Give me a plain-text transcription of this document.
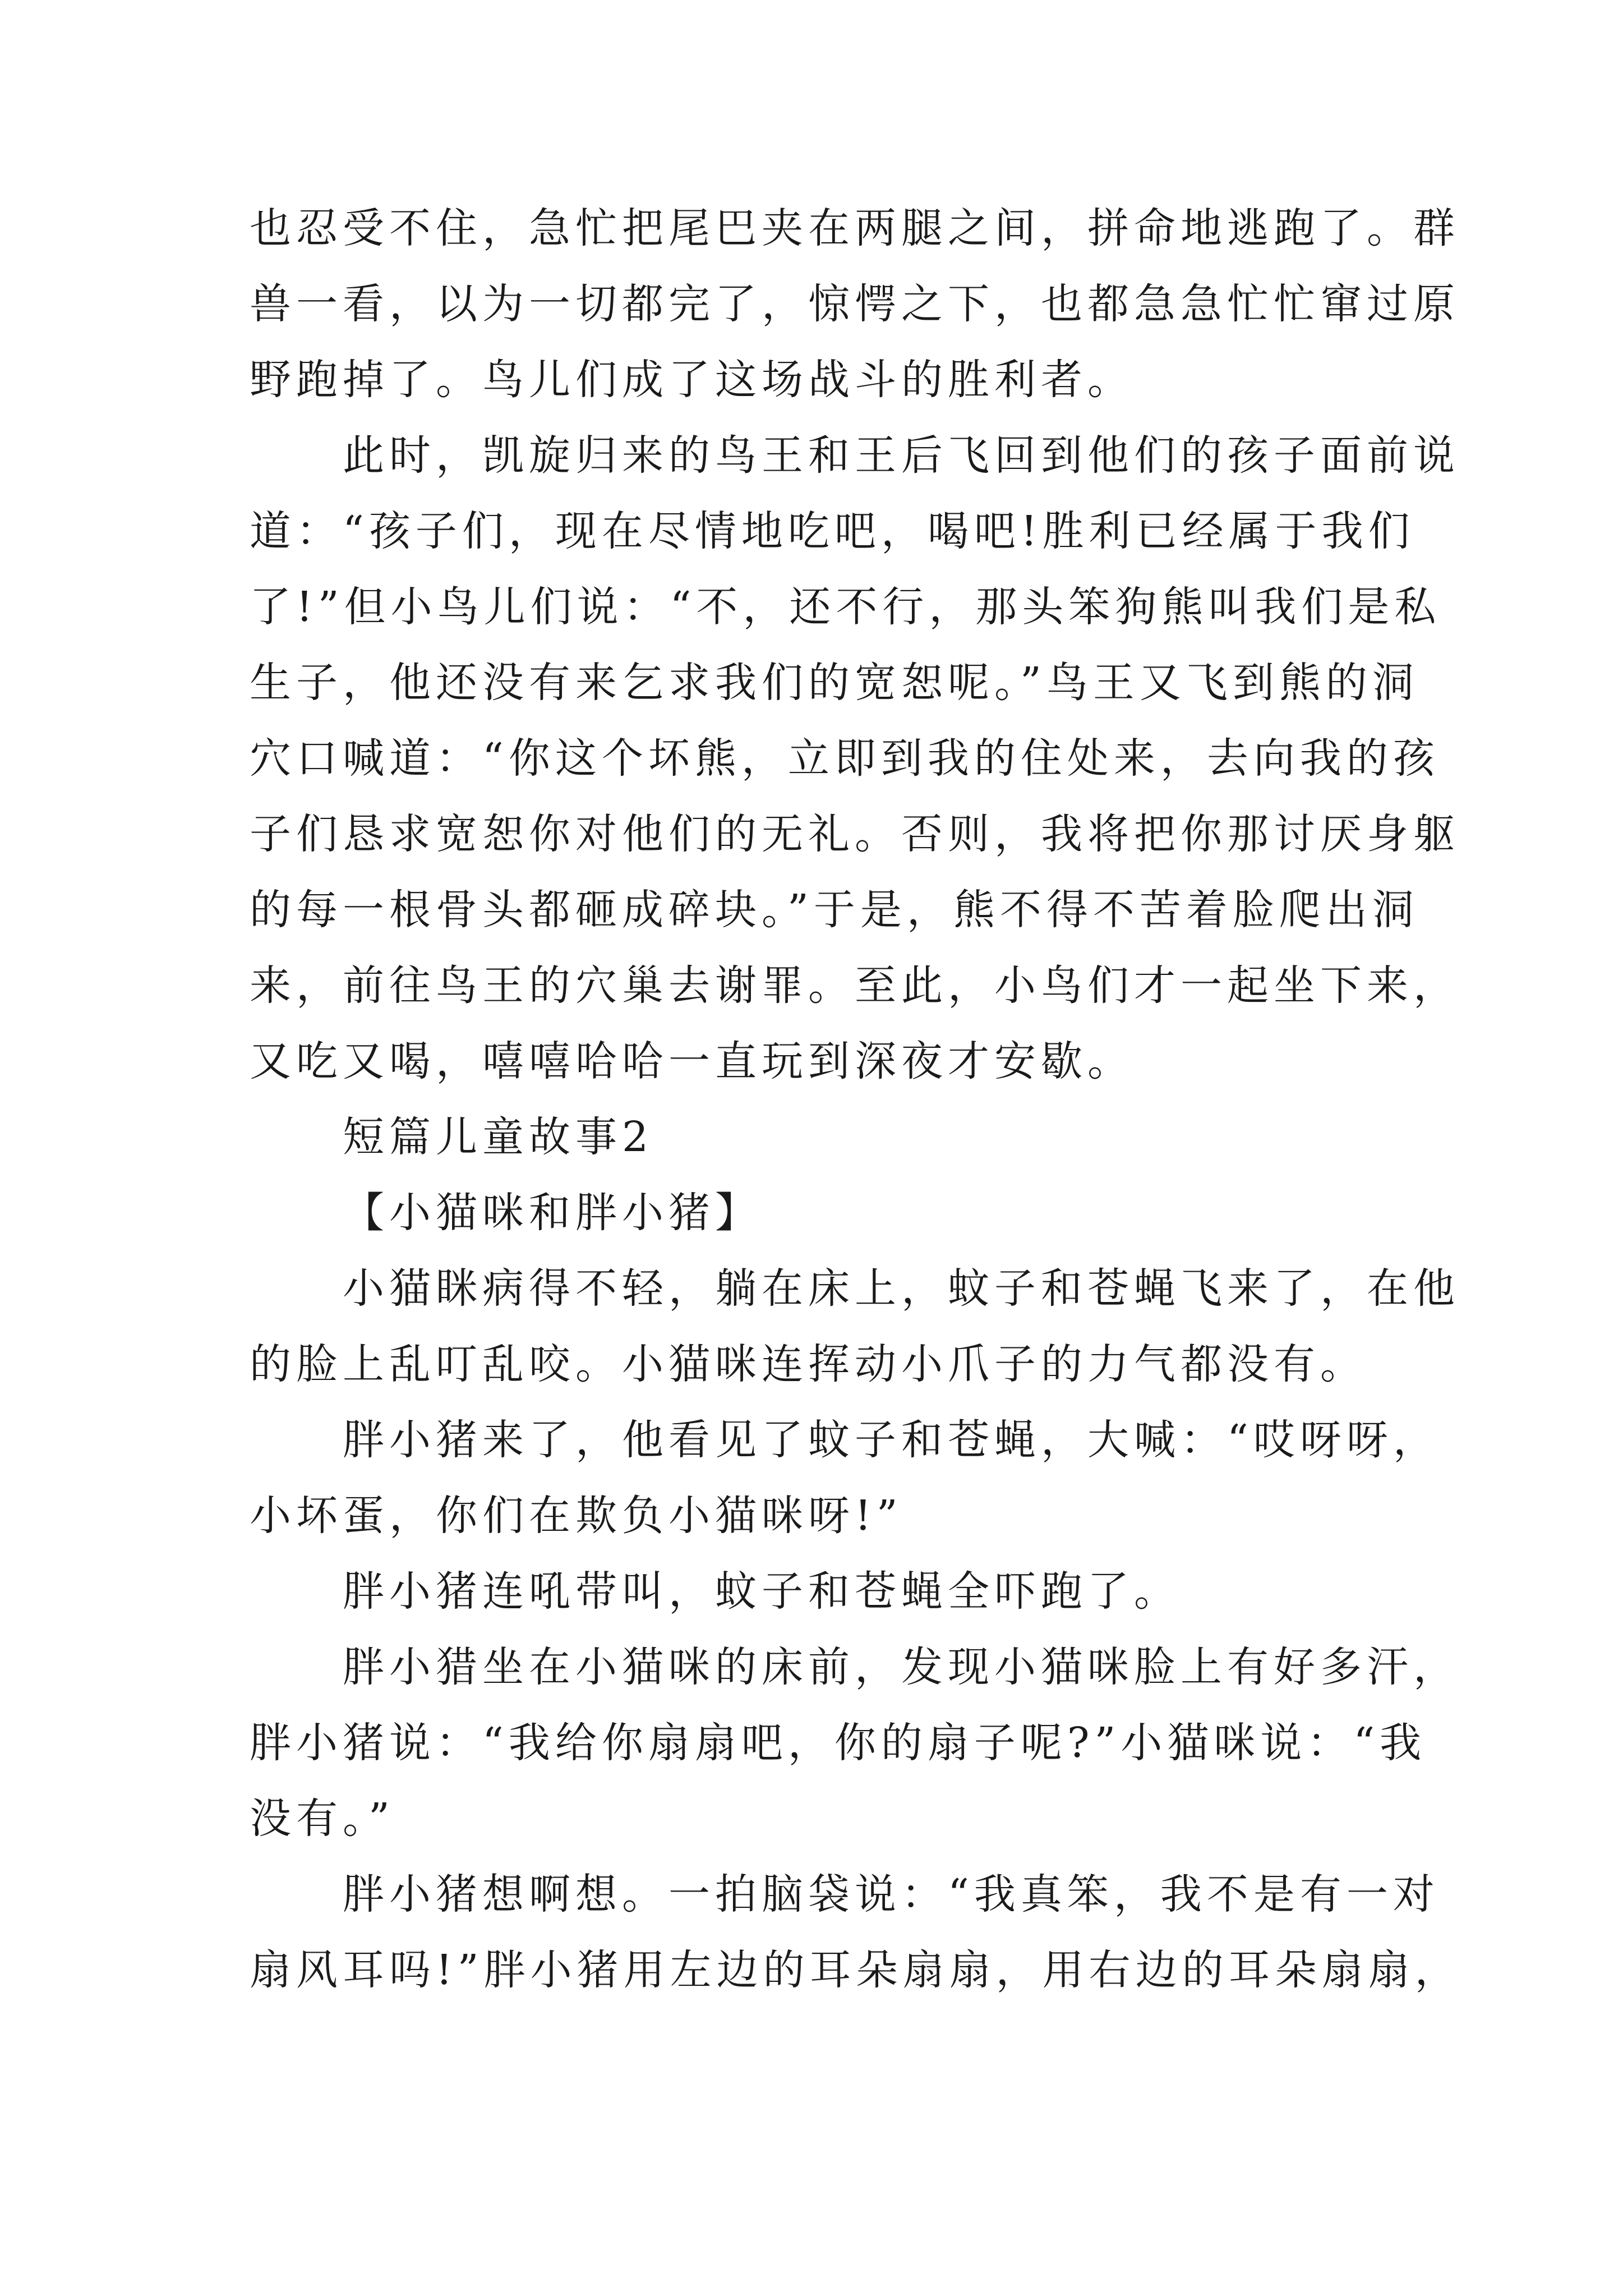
也忍受不住，急忙把尾巴夹在两腿之间，拼命地逃跑了。群
兽一看，以为一切都完了，惊愕之下，也都急急忙忙窜过原
野跑掉了。鸟儿们成了这场战斗的胜利者。

此时，凯旋归来的鸟王和王后飞回到他们的孩子面前说
道：“孩子们，现在尽情地吃吧，喝吧!胜利已经属于我们
了!”但小鸟儿们说：“不，还不行，那头笨狗熊叫我们是私
生子，他还没有来乞求我们的宽恕呢。”鸟王又飞到熊的洞
穴口喊道：“你这个坏熊，立即到我的住处来，去向我的孩
子们恳求宽恕你对他们的无礼。否则，我将把你那讨厌身躯
的每一根骨头都砸成碎块。”于是，熊不得不苦着脸爬出洞
来，前往鸟王的穴巢去谢罪。至此，小鸟们才一起坐下来，
又吃又喝，嘻嘻哈哈一直玩到深夜才安歇。

短篇儿童故事2

【小猫咪和胖小猪】

小猫眯病得不轻，躺在床上，蚊子和苍蝇飞来了，在他
的脸上乱叮乱咬。小猫咪连挥动小爪子的力气都没有。

胖小猪来了，他看见了蚊子和苍蝇，大喊：“哎呀呀，
小坏蛋，你们在欺负小猫咪呀!”

胖小猪连吼带叫，蚊子和苍蝇全吓跑了。

胖小猎坐在小猫咪的床前，发现小猫咪脸上有好多汗，
胖小猪说：“我给你扇扇吧，你的扇子呢?”小猫咪说：“我
没有。”

胖小猪想啊想。一拍脑袋说：“我真笨，我不是有一对
扇风耳吗!”胖小猪用左边的耳朵扇扇，用右边的耳朵扇扇，
